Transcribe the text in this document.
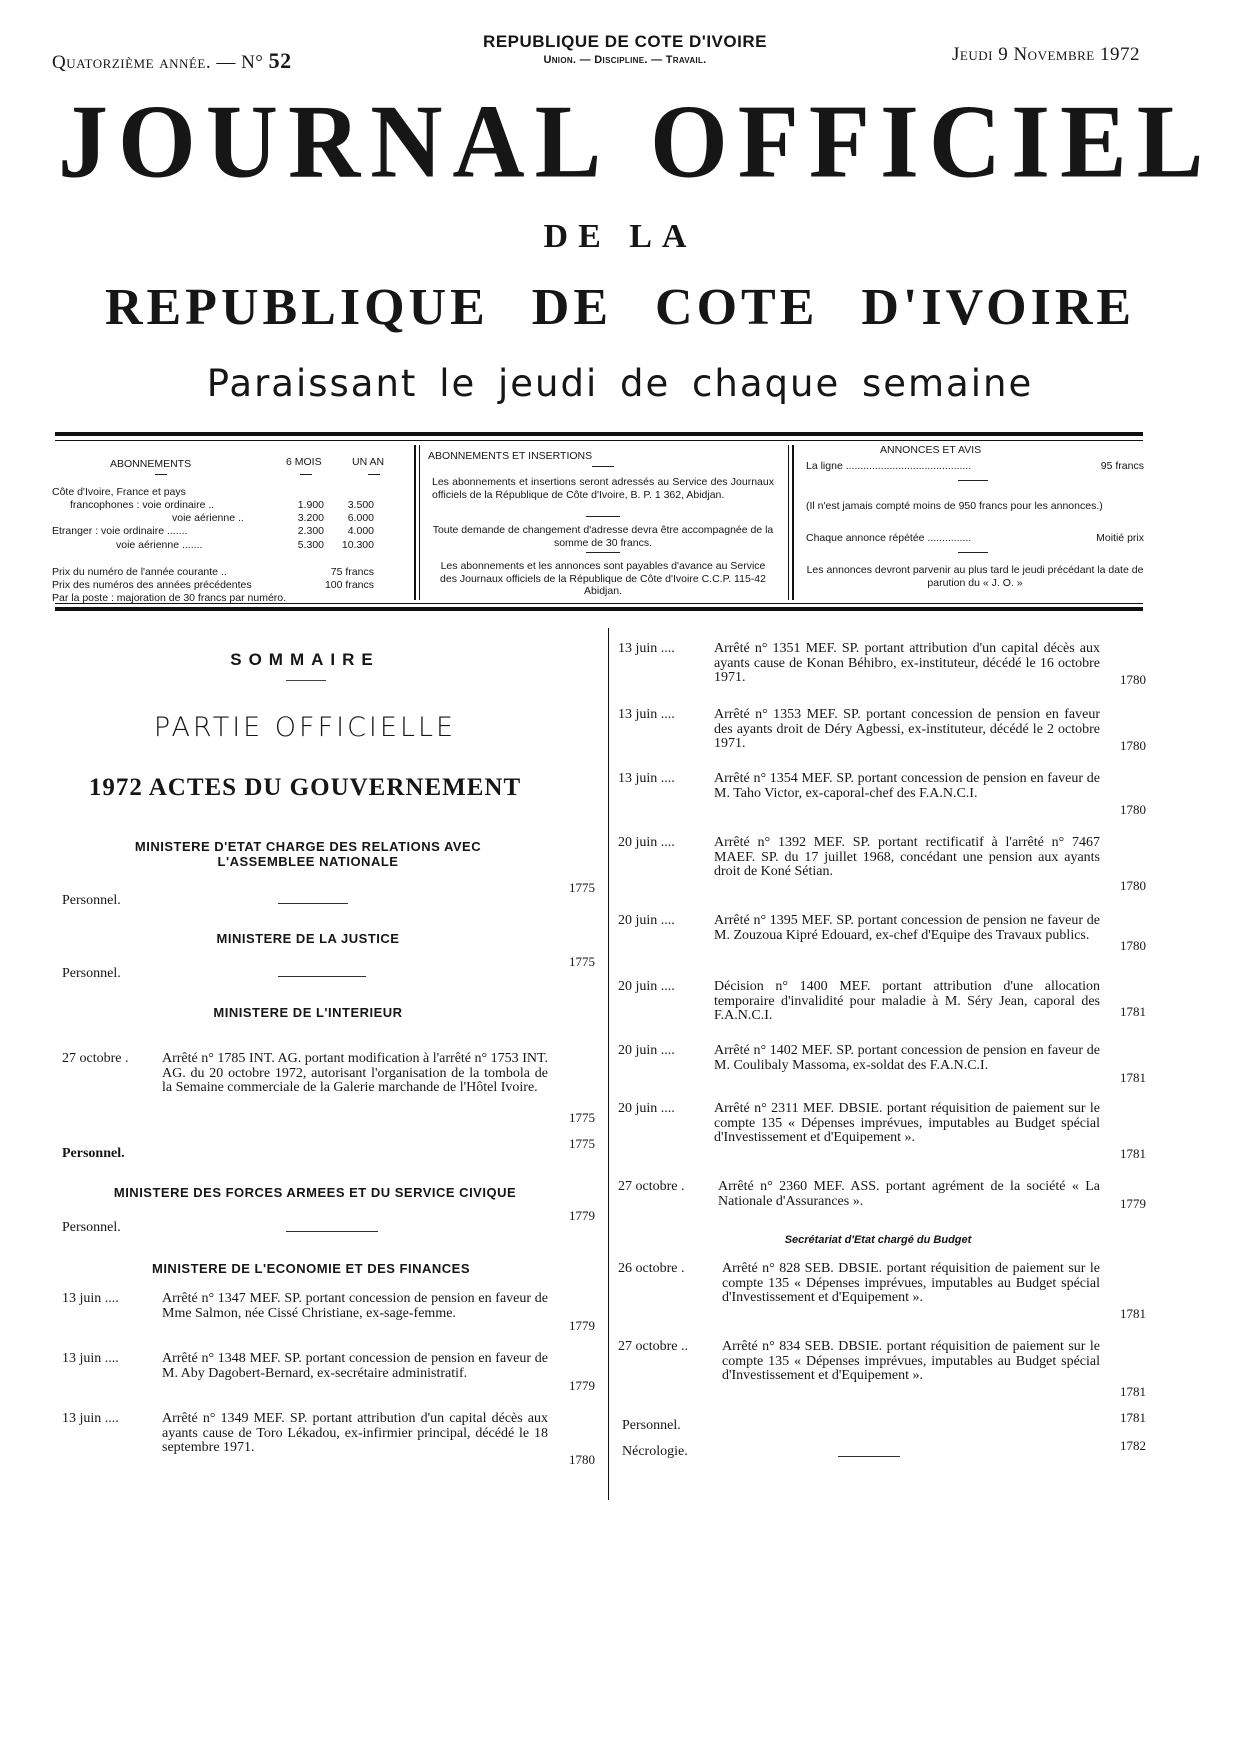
Quatorzième année. — N° 52
REPUBLIQUE DE COTE D'IVOIRE
Union. — Discipline. — Travail.	Jeudi 9 Novembre 1972
JOURNAL OFFICIEL
DE LA
REPUBLIQUE DE COTE D'IVOIRE
Paraissant le jeudi de chaque semaine
ABONNEMENTS	6 MOIS	UN AN
Côte d'Ivoire, France et pays
francophones : voie ordinaire ..	1.900	3.500
voie aérienne ..	3.200	6.000
Etranger : voie ordinaire .......	2.300	4.000
voie aérienne .......	5.300	10.300
Prix du numéro de l'année courante ..	75 francs
Prix des numéros des années précédentes	100 francs
Par la poste : majoration de 30 francs par numéro.
ABONNEMENTS ET INSERTIONS
Les abonnements et insertions seront adressés au Service des Journaux officiels de la République de Côte d'Ivoire, B. P. 1 362, Abidjan.
Toute demande de changement d'adresse devra être accompagnée de la somme de 30 francs.
Les abonnements et les annonces sont payables d'avance au Service des Journaux officiels de la République de Côte d'Ivoire C.C.P. 115-42 Abidjan.
ANNONCES ET AVIS
La ligne ...........................................	95 francs
(Il n'est jamais compté moins de 950 francs pour les annonces.)
Chaque annonce répétée ...............	Moitié prix
Les annonces devront parvenir au plus tard le jeudi précédant la date de parution du « J. O. »
SOMMAIRE
PARTIE OFFICIELLE
1972 ACTES DU GOUVERNEMENT
MINISTERE D'ETAT CHARGE DES RELATIONS AVEC L'ASSEMBLEE NATIONALE
Personnel.
1775
MINISTERE DE LA JUSTICE
Personnel.
1775
MINISTERE DE L'INTERIEUR
27 octobre . Arrêté n° 1785 INT. AG. portant modification à l'arrêté n° 1753 INT. AG. du 20 octobre 1972, autorisant l'organisation de la tombola de la Semaine commerciale de la Galerie marchande de l'Hôtel Ivoire.
1775
Personnel.
1775
MINISTERE DES FORCES ARMEES ET DU SERVICE CIVIQUE
Personnel.
1779
MINISTERE DE L'ECONOMIE ET DES FINANCES
13 juin ....	Arrêté n° 1347 MEF. SP. portant concession de pension en faveur de Mme Salmon, née Cissé Christiane, ex-sage-femme.
1779
13 juin ....	Arrêté n° 1348 MEF. SP. portant concession de pension en faveur de M. Aby Dagobert-Bernard, ex-secrétaire administratif.
1779
13 juin ....	Arrêté n° 1349 MEF. SP. portant attribution d'un capital décès aux ayants cause de Toro Lékadou, ex-infirmier principal, décédé le 18 septembre 1971.
1780
13 juin ....	Arrêté n° 1351 MEF. SP. portant attribution d'un capital décès aux ayants cause de Konan Béhibro, ex-instituteur, décédé le 16 octobre 1971.	1780
13 juin ....	Arrêté n° 1353 MEF. SP. portant concession de pension en faveur des ayants droit de Déry Agbessi, ex-instituteur, décédé le 2 octobre 1971.	1780
13 juin ....	Arrêté n° 1354 MEF. SP. portant concession de pension en faveur de M. Taho Victor, ex-caporal-chef des F.A.N.C.I.
1780
20 juin ....	Arrêté n° 1392 MEF. SP. portant rectificatif à l'arrêté n° 7467 MAEF. SP. du 17 juillet 1968, concédant une pension aux ayants droit de Koné Sétian.
1780
20 juin ....	Arrêté n° 1395 MEF. SP. portant concession de pension ne faveur de M. Zouzoua Kipré Edouard, ex-chef d'Equipe des Travaux publics.
1780
20 juin ....	Décision n° 1400 MEF. portant attribution d'une allocation temporaire d'invalidité pour maladie à M. Séry Jean, caporal des F.A.N.C.I.	1781
20 juin ....	Arrêté n° 1402 MEF. SP. portant concession de pension en faveur de M. Coulibaly Massoma, ex-soldat des F.A.N.C.I.
1781
20 juin ....	Arrêté n° 2311 MEF. DBSIE. portant réquisition de paiement sur le compte 135 « Dépenses imprévues, imputables au Budget spécial d'Investissement et d'Equipement ».
1781
27 octobre . Arrêté n° 2360 MEF. ASS. portant agrément de la société « La Nationale d'Assurances ».	1779
Secrétariat d'Etat chargé du Budget
26 octobre .	Arrêté n° 828 SEB. DBSIE. portant réquisition de paiement sur le compte 135 « Dépenses imprévues, imputables au Budget spécial d'Investissement et d'Equipement ».
1781
27 octobre .. Arrêté n° 834 SEB. DBSIE. portant réquisition de paiement sur le compte 135 « Dépenses imprévues, imputables au Budget spécial d'Investissement et d'Equipement ».
1781
Personnel.
1781
Nécrologie.	1782
